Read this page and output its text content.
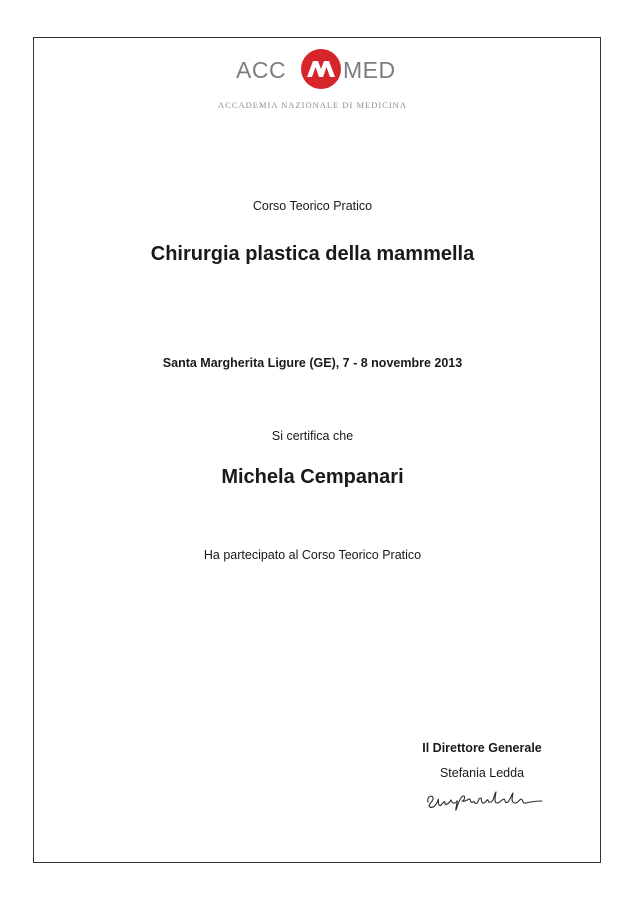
ACC MED
ACCADEMIA NAZIONALE DI MEDICINA
Corso Teorico Pratico
Chirurgia plastica della mammella
Santa Margherita Ligure (GE), 7 - 8 novembre 2013
Si certifica che
Michela Cempanari
Ha partecipato al Corso Teorico Pratico
Il Direttore Generale
Stefania Ledda
